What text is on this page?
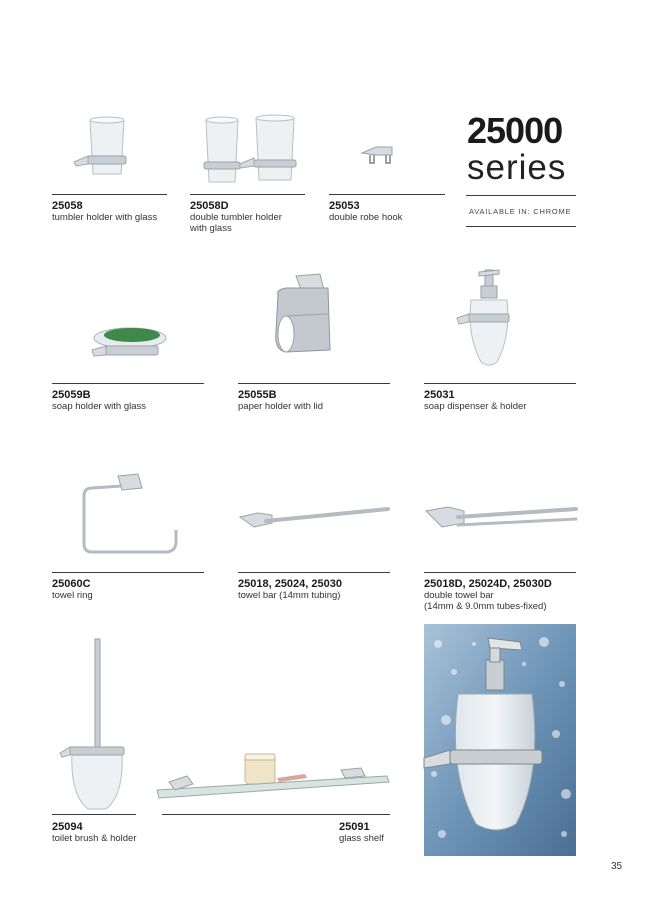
25000
series
AVAILABLE IN: CHROME

25058

tumbler holder with glass

25058D

double tumbler holder

with glass

25053

double robe hook

25059B

soap holder with glass

25055B

paper holder with lid

25031

soap dispenser & holder

25060C

towel ring

25018, 25024, 25030

towel bar (14mm tubing)

25018D, 25024D, 25030D

double towel bar

(14mm & 9.0mm tubes-fixed)

25094

toilet brush & holder

25091

glass shelf

35
